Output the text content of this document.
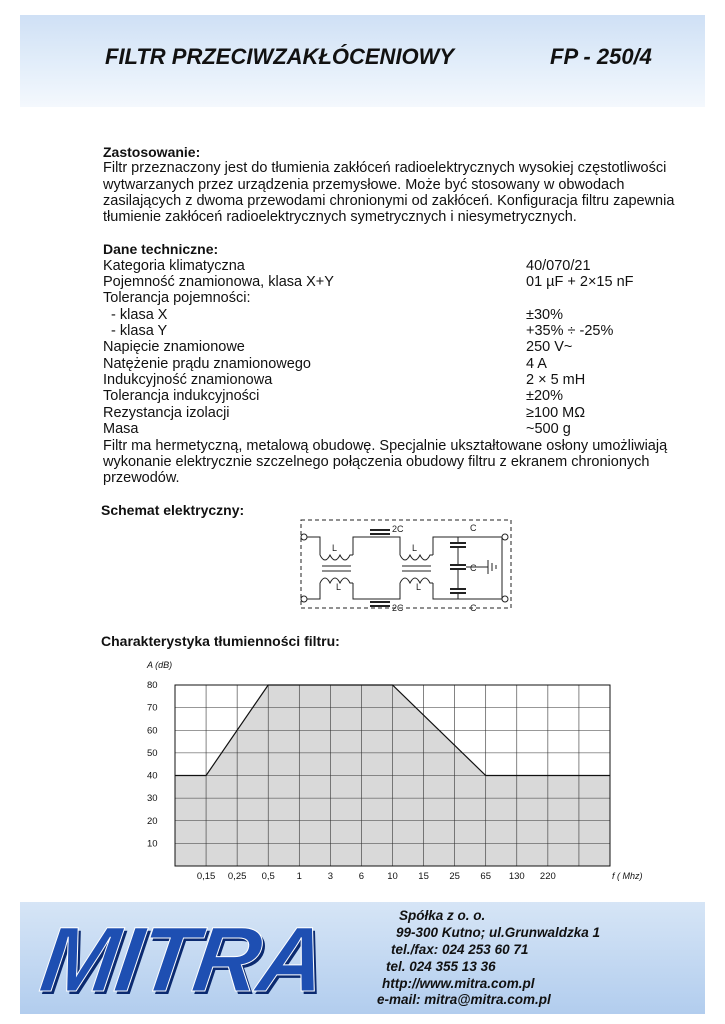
FILTR PRZECIWZAKŁÓCENIOWY	FP - 250/4
Zastosowanie:
Filtr przeznaczony jest do tłumienia zakłóceń radioelektrycznych wysokiej częstotliwości
wytwarzanych przez urządzenia przemysłowe. Może być stosowany w obwodach
zasilających z dwoma przewodami chronionymi od zakłóceń. Konfiguracja filtru zapewnia
tłumienie zakłóceń radioelektrycznych symetrycznych i niesymetrycznych.
Dane techniczne:
Kategoria klimatyczna	40/070/21
Pojemność znamionowa, klasa X+Y	01 µF + 2×15 nF
Tolerancja pojemności:
- klasa X	±30%
- klasa Y	+35% ÷ -25%
Napięcie znamionowe	250 V~
Natężenie prądu znamionowego	4 A
Indukcyjność znamionowa	2 × 5 mH
Tolerancja indukcyjności	±20%
Rezystancja izolacji	≥100 MΩ
Masa	~500 g
Filtr ma hermetyczną, metalową obudowę. Specjalnie ukształtowane osłony umożliwiają
wykonanie elektrycznie szczelnego połączenia obudowy filtru z ekranem chronionych
przewodów.
Schemat elektryczny:
L
L
L
L
2C
2C
C
C
C
Charakterystyka tłumienności filtru:
10
20
30
40
50
60
70
80
0,15 0,25 0,5 1	3	6 10 15 25 65 130 220
A (dB)
f ( Mhz)
MITRA	Spółka z o. o.
99-300 Kutno; ul.Grunwaldzka 1
tel./fax: 024 253 60 71
tel. 024 355 13 36
http://www.mitra.com.pl
e-mail: mitra@mitra.com.pl
